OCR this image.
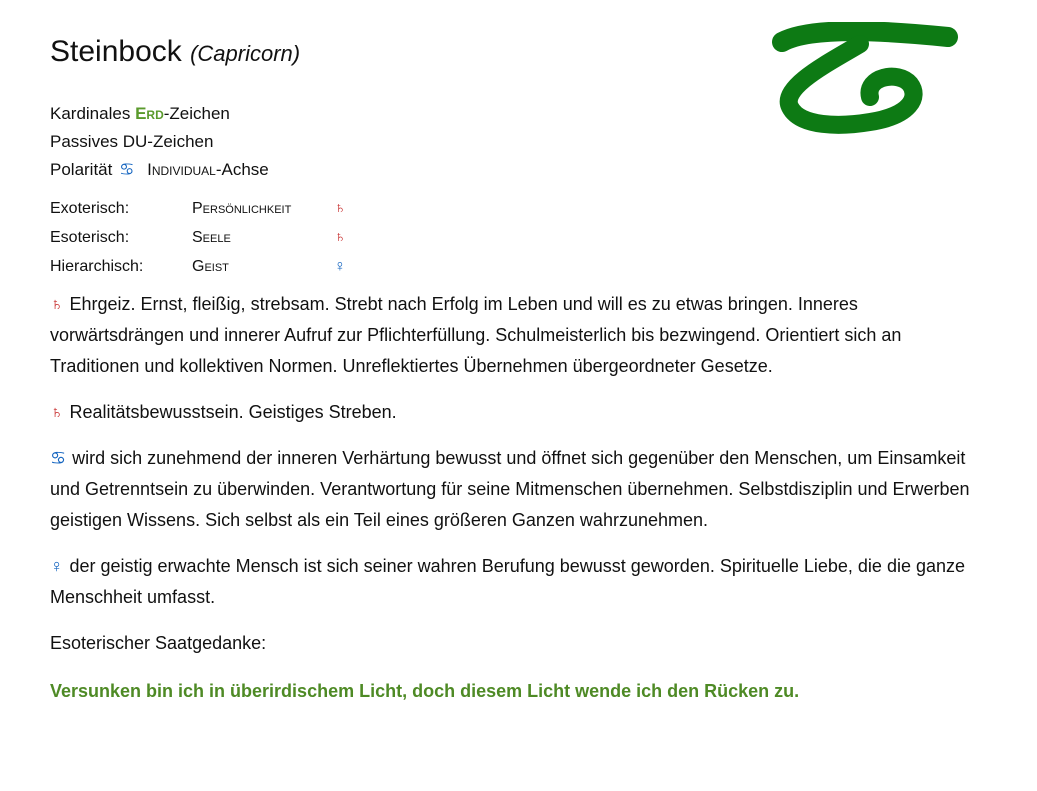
Steinbock (Capricorn)
Kardinales Erd-Zeichen
Passives DU-Zeichen
Polarität ♋ Individual-Achse
Exoterisch:	Persönlichkeit	♄
Esoterisch:	Seele	♄
Hierarchisch:	Geist	♀
♄ Ehrgeiz. Ernst, fleißig, strebsam. Strebt nach Erfolg im Leben und will es zu etwas bringen. Inneres vorwärtsdrängen und innerer Aufruf zur Pflichterfüllung. Schulmeisterlich bis bezwingend. Orientiert sich an Traditionen und kollektiven Normen. Unreflektiertes Übernehmen übergeordneter Gesetze.
♄ Realitätsbewusstsein. Geistiges Streben.
♋ wird sich zunehmend der inneren Verhärtung bewusst und öffnet sich gegenüber den Menschen, um Einsamkeit und Getrenntsein zu überwinden. Verantwortung für seine Mitmenschen übernehmen. Selbstdisziplin und Erwerben geistigen Wissens. Sich selbst als ein Teil eines größeren Ganzen wahrzunehmen.
♀ der geistig erwachte Mensch ist sich seiner wahren Berufung bewusst geworden. Spirituelle Liebe, die die ganze Menschheit umfasst.
Esoterischer Saatgedanke:
Versunken bin ich in überirdischem Licht, doch diesem Licht wende ich den Rücken zu.
